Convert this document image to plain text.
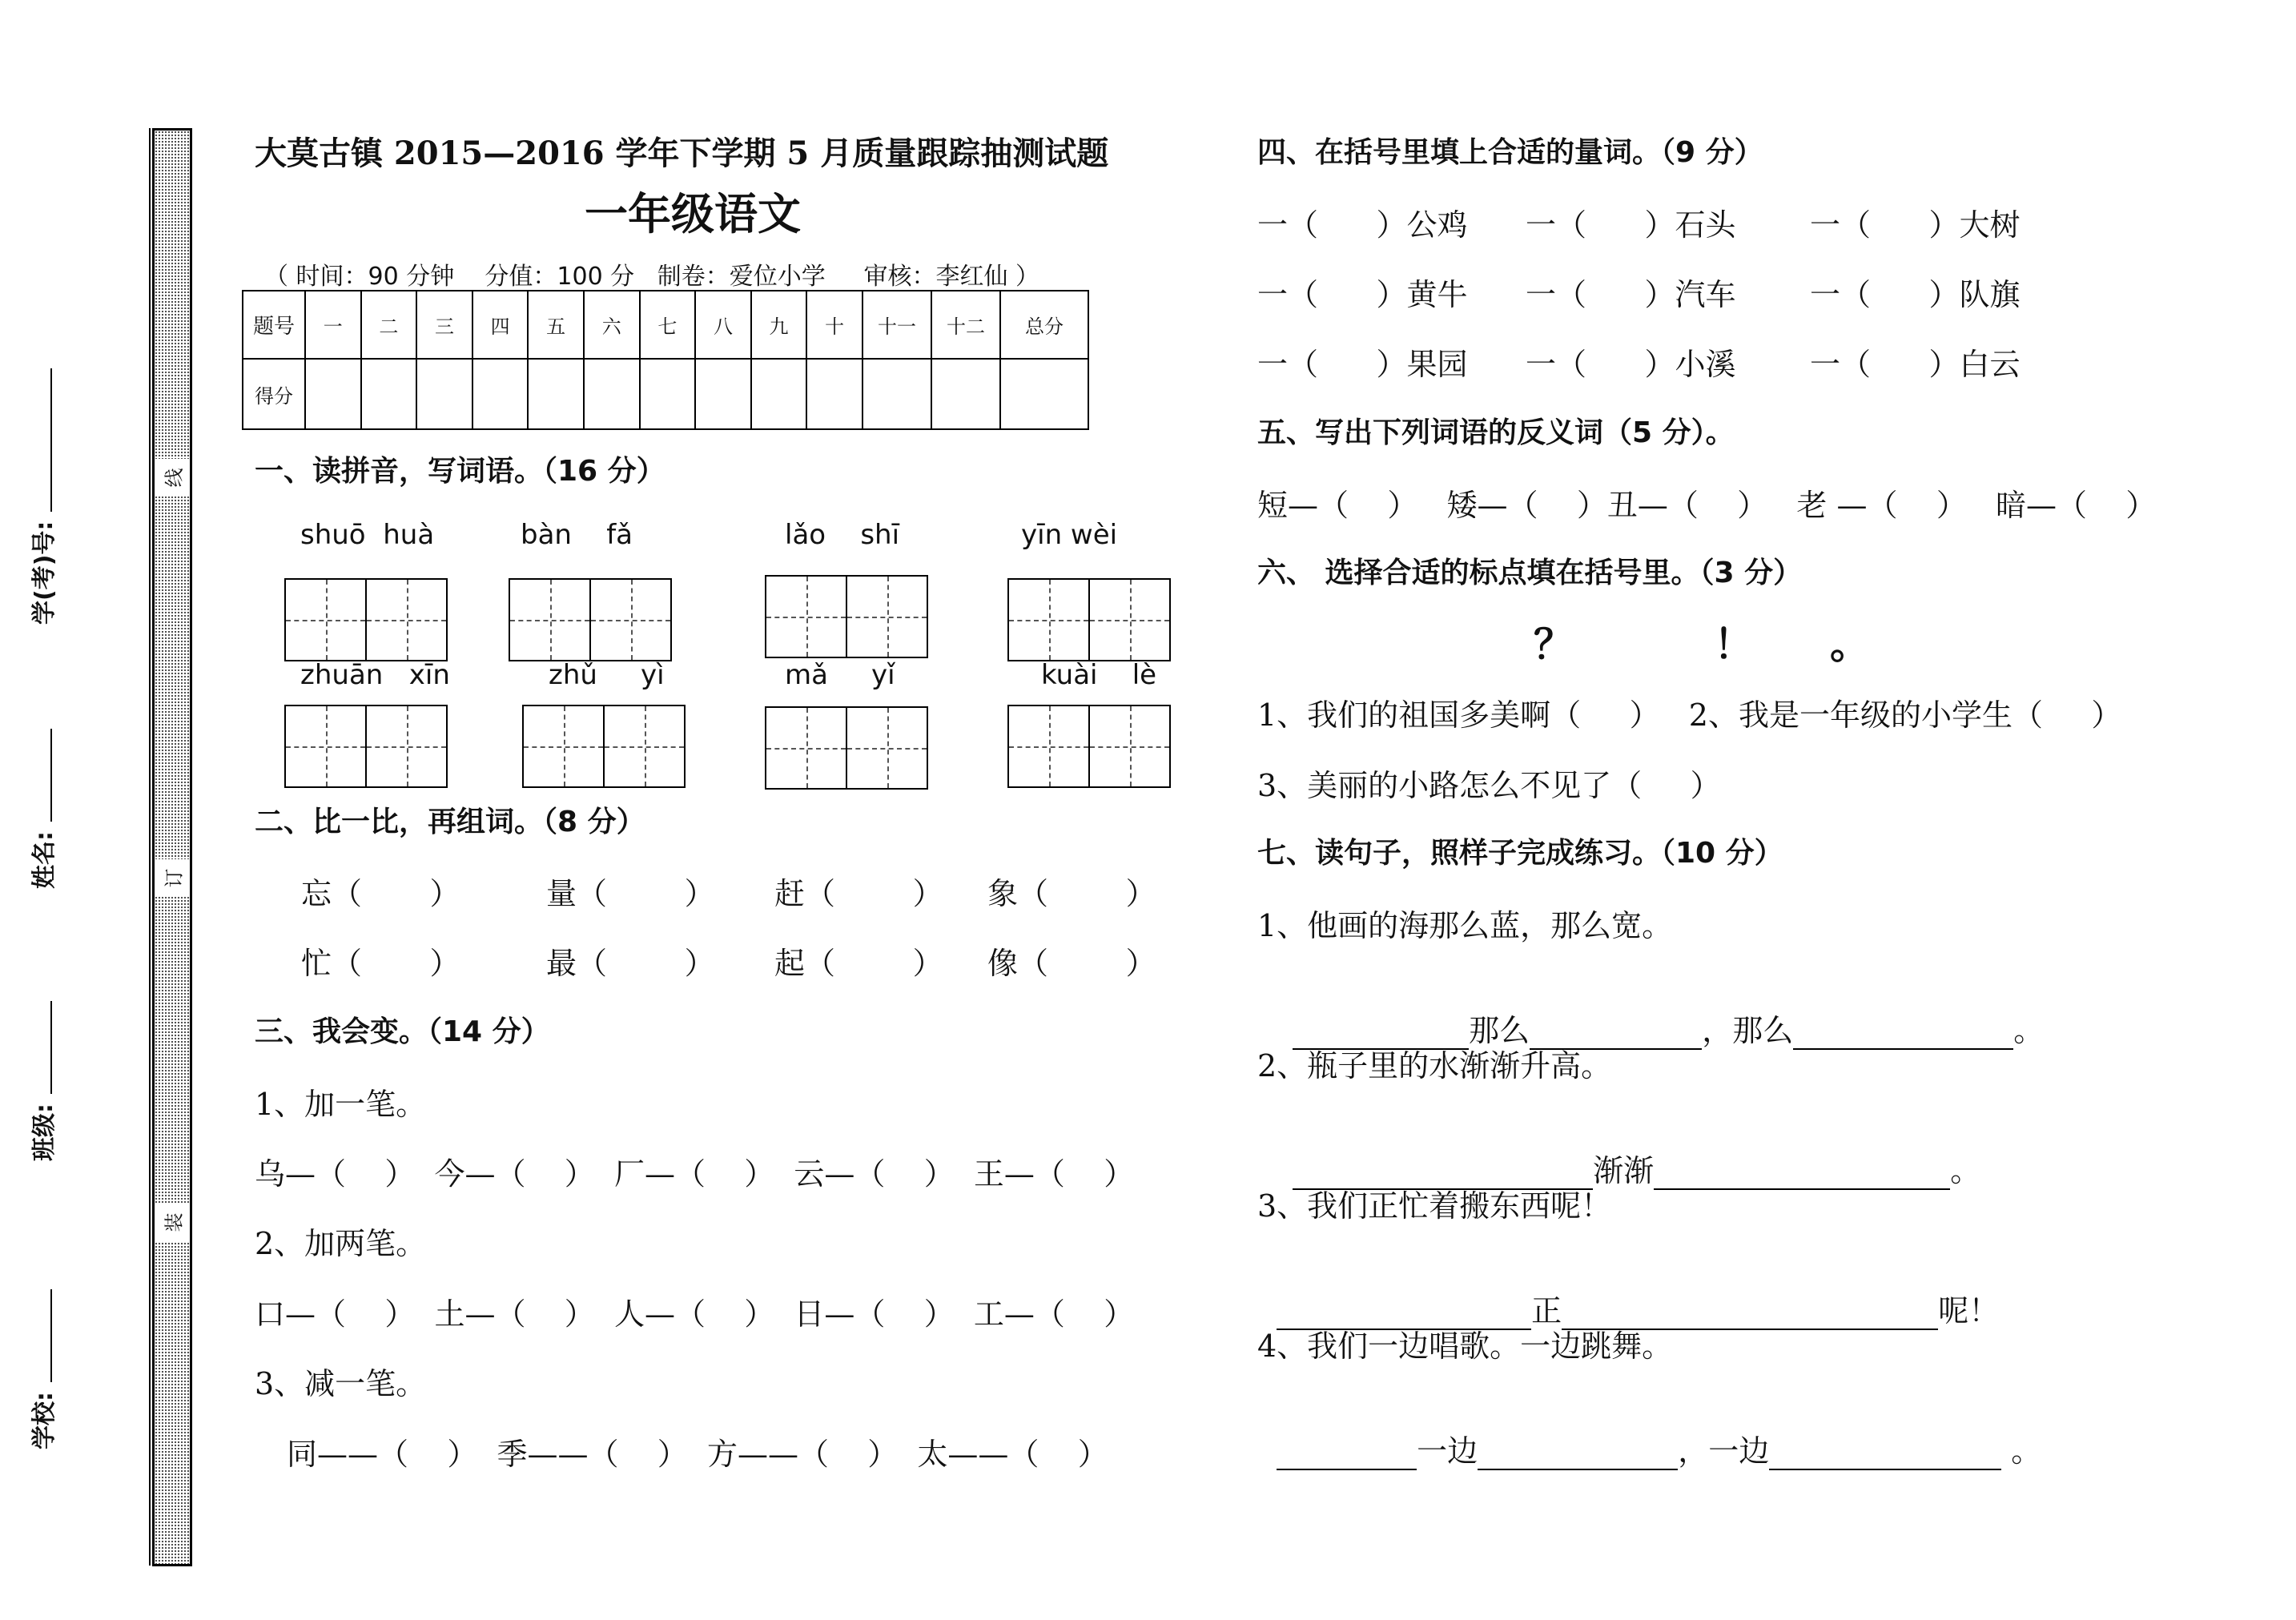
学校:
班级:
姓名:
学(考)号:
线
订
装
大莫古镇 2015—2016 学年下学期 5 月质量跟踪抽测试题
一年级语文
（ 时间：90 分钟    分值：100 分   制卷：爱位小学     审核：李红仙 ）
题号	一	二	三	四	五	六	七	八	九	十	十一	十二	总分
得分													
一、读拼音，写词语。（16 分）
shuō  huà	bàn    fǎ	lǎo    shī	yīn wèi
zhuān   xīn	zhǔ     yì	mǎ     yǐ	kuài    lè
二、比一比，再组词。（8 分）
忘（       ）	量（        ） 赶（        ） 象（        ）
忙（       ）	最（        ） 起（        ） 像（        ）
三、我会变。（14 分）
1、加一笔。
乌—（    ）  今—（    ）  厂—（    ）  云—（    ）  王—（    ）
2、加两笔。
口—（    ）  土—（    ）  人—（    ）  日—（    ）  工—（    ）
3、减一笔。
同——（    ）  季——（    ）  方——（    ）  太——（    ）
四、在括号里填上合适的量词。（9 分）
一（      ）公鸡 一（      ）石头 一（      ）大树
一（      ）黄牛 一（      ）汽车 一（      ）队旗
一（      ）果园 一（      ）小溪 一（      ）白云
五、写出下列词语的反义词（5 分）。
短—（    ）   矮—（    ）丑—（    ）   老 —（    ）   暗—（    ）
六、 选择合适的标点填在括号里。（3 分）
？	！ 。
1、我们的祖国多美啊（     ）   2、我是一年级的小学生（     ）
3、美丽的小路怎么不见了（     ）
七、读句子，照样子完成练习。（10 分）
1、他画的海那么蓝，那么宽。

那么	，那么	。

2、瓶子里的水渐渐升高。

渐渐	。

3、我们正忙着搬东西呢！

正	呢！

4、我们一边唱歌。一边跳舞。

一边	，一边	。
